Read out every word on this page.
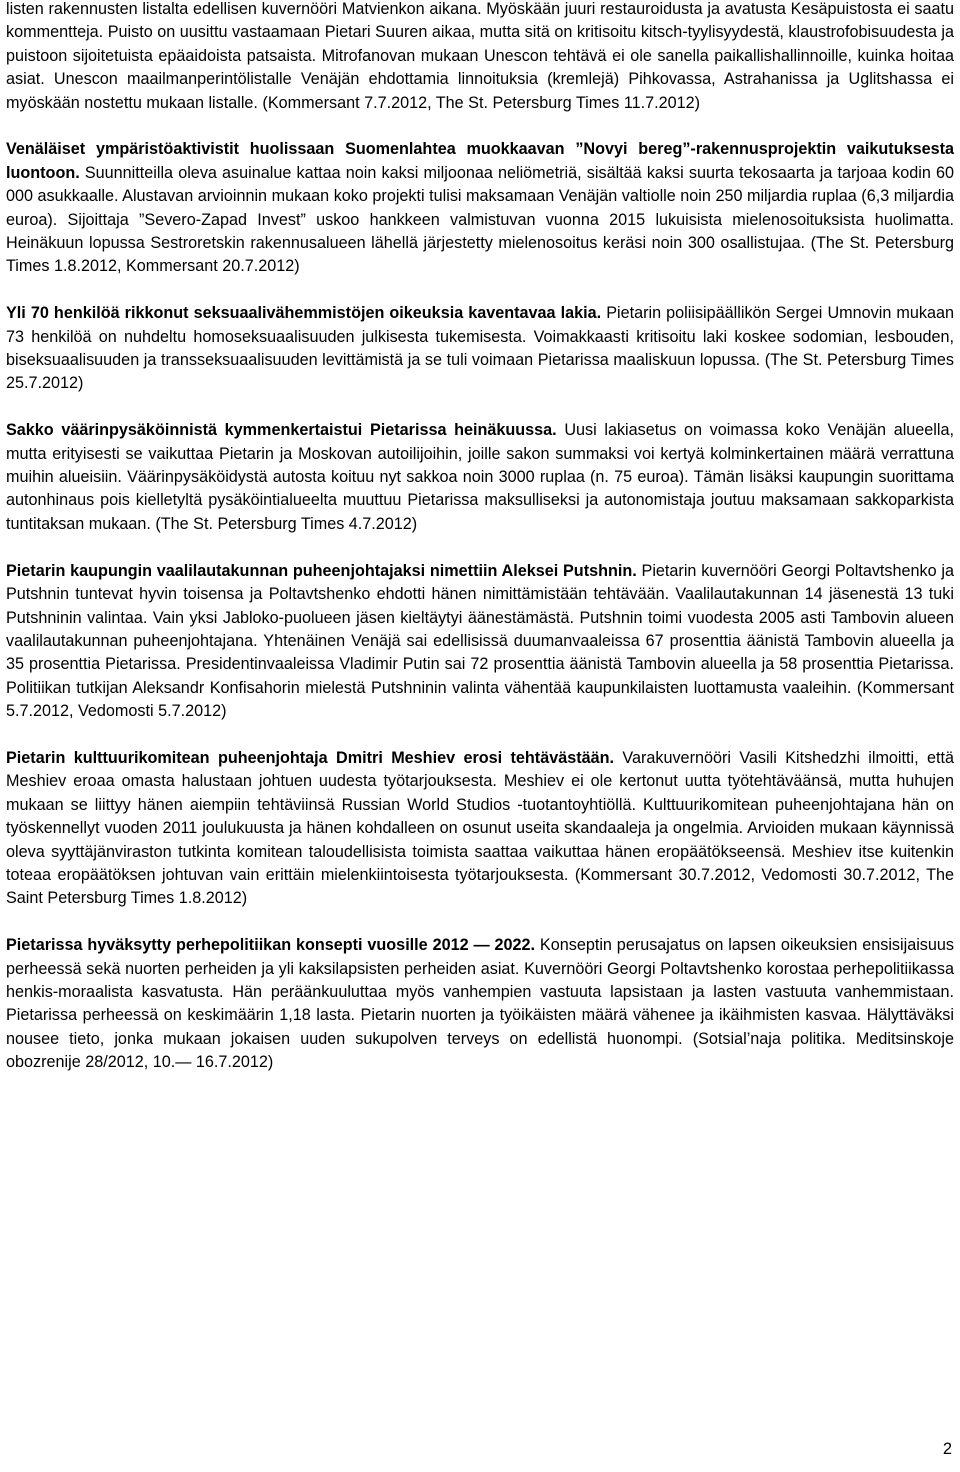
listen rakennusten listalta edellisen kuvernööri Matvienkon aikana. Myöskään juuri restauroidusta ja avatusta Kesäpuistosta ei saatu kommentteja. Puisto on uusittu vastaamaan Pietari Suuren aikaa, mutta sitä on kritisoitu kitsch-tyylisyydestä, klaustrofobisuudesta ja puistoon sijoitetuista epäaidoista patsaista. Mitrofanovan mukaan Unescon tehtävä ei ole sanella paikallishallinnoille, kuinka hoitaa asiat. Unescon maailmanperintölistalle Venäjän ehdottamia linnoituksia (kremlejä) Pihkovassa, Astrahanissa ja Uglitshassa ei myöskään nostettu mukaan listalle. (Kommersant 7.7.2012, The St. Petersburg Times 11.7.2012)

Venäläiset ympäristöaktivistit huolissaan Suomenlahtea muokkaavan ”Novyi bereg”-rakennusprojektin vaikutuksesta luontoon. Suunnitteilla oleva asuinalue kattaa noin kaksi miljoonaa neliömetriä, sisältää kaksi suurta tekosaarta ja tarjoaa kodin 60 000 asukkaalle. Alustavan arvioinnin mukaan koko projekti tulisi maksamaan Venäjän valtiolle noin 250 miljardia ruplaa (6,3 miljardia euroa). Sijoittaja ”Severo-Zapad Invest” uskoo hankkeen valmistuvan vuonna 2015 lukuisista mielenosoituksista huolimatta. Heinäkuun lopussa Sestroretskin rakennusalueen lähellä järjestetty mielenosoitus keräsi noin 300 osallistujaa. (The St. Petersburg Times 1.8.2012, Kommersant 20.7.2012)

Yli 70 henkilöä rikkonut seksuaalivähemmistöjen oikeuksia kaventavaa lakia. Pietarin poliisipäällikön Sergei Umnovin mukaan 73 henkilöä on nuhdeltu homoseksuaalisuuden julkisesta tukemisesta. Voimakkaasti kritisoitu laki koskee sodomian, lesbouden, biseksuaalisuuden ja transseksuaalisuuden levittämistä ja se tuli voimaan Pietarissa maaliskuun lopussa. (The St. Petersburg Times 25.7.2012)

Sakko väärinpysäköinnistä kymmenkertaistui Pietarissa heinäkuussa. Uusi lakiasetus on voimassa koko Venäjän alueella, mutta erityisesti se vaikuttaa Pietarin ja Moskovan autoilijoihin, joille sakon summaksi voi kertyä kolminkertainen määrä verrattuna muihin alueisiin. Väärinpysäköidystä autosta koituu nyt sakkoa noin 3000 ruplaa (n. 75 euroa). Tämän lisäksi kaupungin suorittama autonhinaus pois kielletyltä pysäköintialueelta muuttuu Pietarissa maksulliseksi ja autonomistaja joutuu maksamaan sakkoparkista tuntitaksan mukaan. (The St. Petersburg Times 4.7.2012)

Pietarin kaupungin vaalilautakunnan puheenjohtajaksi nimettiin Aleksei Putshnin. Pietarin kuvernööri Georgi Poltavtshenko ja Putshnin tuntevat hyvin toisensa ja Poltavtshenko ehdotti hänen nimittämistään tehtävään. Vaalilautakunnan 14 jäsenestä 13 tuki Putshninin valintaa. Vain yksi Jabloko-puolueen jäsen kieltäytyi äänestämästä. Putshnin toimi vuodesta 2005 asti Tambovin alueen vaalilautakunnan puheenjohtajana. Yhtenäinen Venäjä sai edellisissä duumanvaaleissa 67 prosenttia äänistä Tambovin alueella ja 35 prosenttia Pietarissa. Presidentinvaaleissa Vladimir Putin sai 72 prosenttia äänistä Tambovin alueella ja 58 prosenttia Pietarissa. Politiikan tutkijan Aleksandr Konfisahorin mielestä Putshninin valinta vähentää kaupunkilaisten luottamusta vaaleihin. (Kommersant 5.7.2012, Vedomosti 5.7.2012)

Pietarin kulttuurikomitean puheenjohtaja Dmitri Meshiev erosi tehtävästään. Varakuvernööri Vasili Kitshedzhi ilmoitti, että Meshiev eroaa omasta halustaan johtuen uudesta työtarjouksesta. Meshiev ei ole kertonut uutta työtehtäväänsä, mutta huhujen mukaan se liittyy hänen aiempiin tehtäviinsä Russian World Studios -tuotantoyhtiöllä. Kulttuurikomitean puheenjohtajana hän on työskennellyt vuoden 2011 joulukuusta ja hänen kohdalleen on osunut useita skandaaleja ja ongelmia. Arvioiden mukaan käynnissä oleva syyttäjänviraston tutkinta komitean taloudellisista toimista saattaa vaikuttaa hänen eropäätökseensä. Meshiev itse kuitenkin toteaa eropäätöksen johtuvan vain erittäin mielenkiintoisesta työtarjouksesta. (Kommersant 30.7.2012, Vedomosti 30.7.2012, The Saint Petersburg Times 1.8.2012)

Pietarissa hyväksytty perhepolitiikan konsepti vuosille 2012 — 2022. Konseptin perusajatus on lapsen oikeuksien ensisijaisuus perheessä sekä nuorten perheiden ja yli kaksilapsisten perheiden asiat. Kuvernööri Georgi Poltavtshenko korostaa perhepolitiikassa henkis-moraalista kasvatusta. Hän peräänkuuluttaa myös vanhempien vastuuta lapsistaan ja lasten vastuuta vanhemmistaan. Pietarissa perheessä on keskimäärin 1,18 lasta. Pietarin nuorten ja työikäisten määrä vähenee ja ikäihmisten kasvaa. Hälyttäväksi nousee tieto, jonka mukaan jokaisen uuden sukupolven terveys on edellistä huonompi. (Sotsial’naja politika. Meditsinskoje obozrenije 28/2012, 10.— 16.7.2012)

2
